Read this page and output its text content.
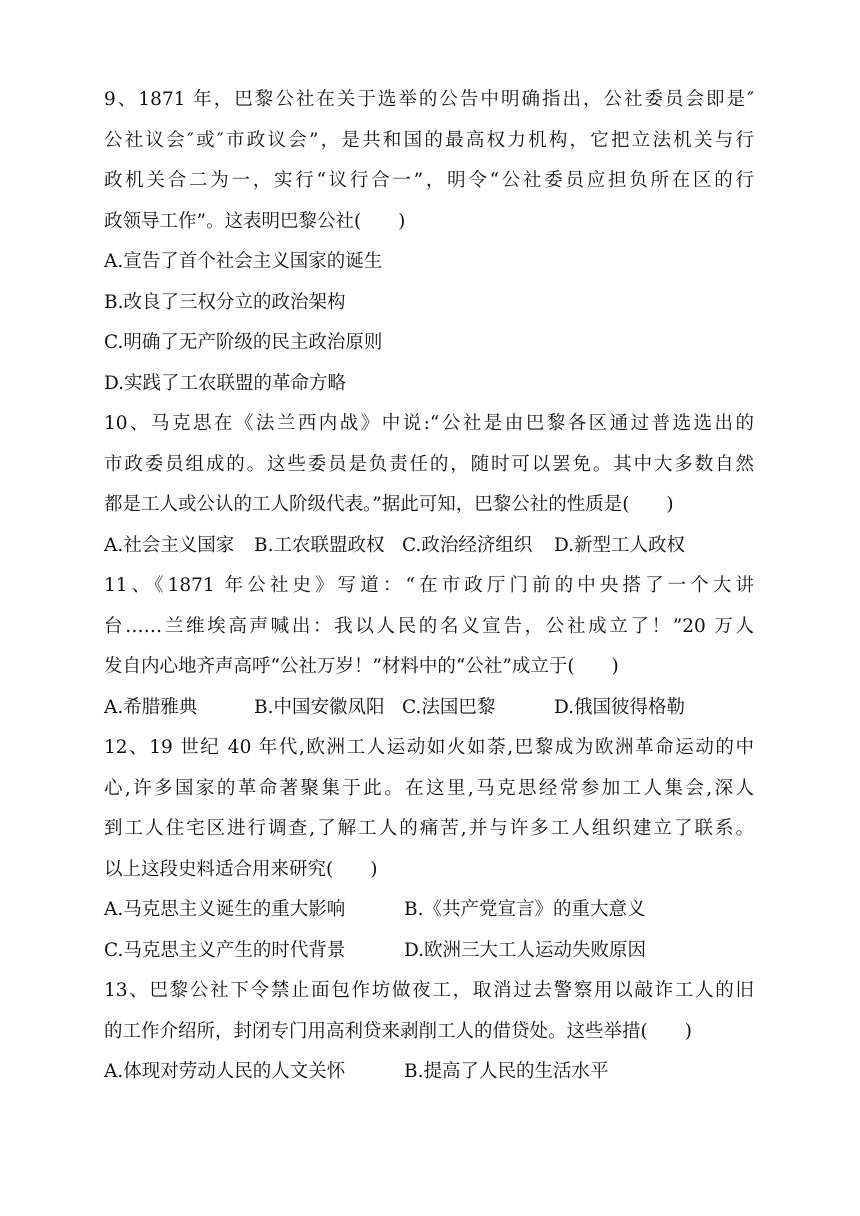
9、1871 年，巴黎公社在关于选举的公告中明确指出，公社委员会即是″
公社议会″或″市政议会”，是共和国的最高权力机构，它把立法机关与行
政机关合二为一，实行“议行合一”，明令“公社委员应担负所在区的行
政领导工作”。这表明巴黎公社(　　)
A.宣告了首个社会主义国家的诞生
B.改良了三权分立的政治架构
C.明确了无产阶级的民主政治原则
D.实践了工农联盟的革命方略
10、马克思在《法兰西内战》中说:“公社是由巴黎各区通过普选选出的
市政委员组成的。这些委员是负责任的，随时可以罢免。其中大多数自然
都是工人或公认的工人阶级代表。”据此可知，巴黎公社的性质是(　　)
A.社会主义国家	B.工农联盟政权 C.政治经济组织	D.新型工人政权
11、《1871 年公社史》写道：“在市政厅门前的中央搭了一个大讲
台……兰维埃高声喊出：我以人民的名义宣告，公社成立了！”20 万人
发自内心地齐声高呼“公社万岁！”材料中的“公社”成立于(　　)
A.希腊雅典	B.中国安徽凤阳 C.法国巴黎	D.俄国彼得格勒
12、19 世纪 40 年代,欧洲工人运动如火如荼,巴黎成为欧洲革命运动的中
心,许多国家的革命著聚集于此。在这里,马克思经常参加工人集会,深人
到工人住宅区进行调查,了解工人的痛苦,并与许多工人组织建立了联系。
以上这段史料适合用来研究(　　)
A.马克思主义诞生的重大影响	B.《共产党宣言》的重大意义
C.马克思主义产生的时代背景	D.欧洲三大工人运动失败原因
13、巴黎公社下令禁止面包作坊做夜工，取消过去警察用以敲诈工人的旧
的工作介绍所，封闭专门用高利贷来剥削工人的借贷处。这些举措(　　)
A.体现对劳动人民的人文关怀	B.提高了人民的生活水平
